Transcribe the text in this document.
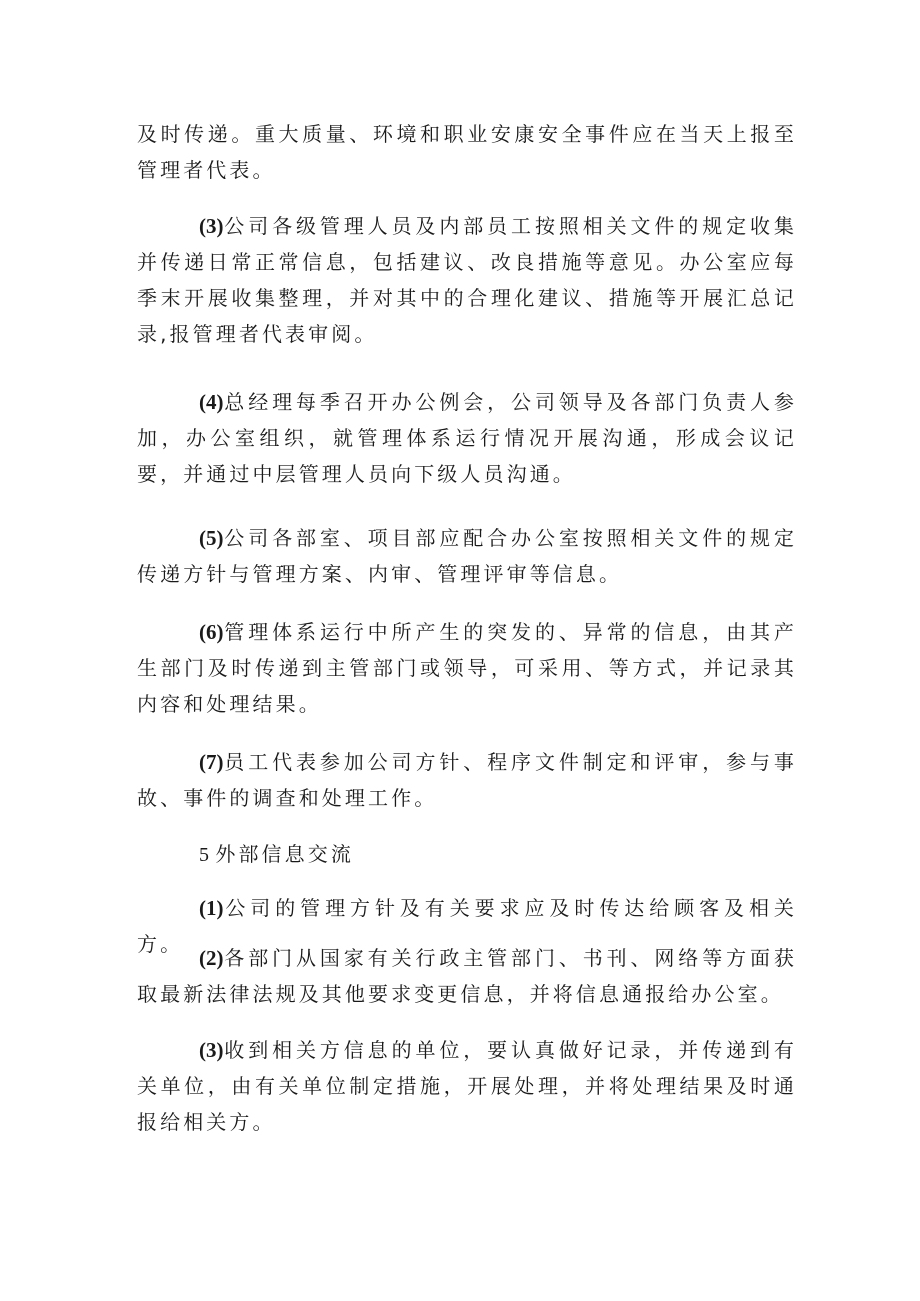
及时传递。重大质量、环境和职业安康安全事件应在当天上报至管理者代表。

(3)公司各级管理人员及内部员工按照相关文件的规定收集并传递日常正常信息，包括建议、改良措施等意见。办公室应每季末开展收集整理，并对其中的合理化建议、措施等开展汇总记录,报管理者代表审阅。

(4)总经理每季召开办公例会，公司领导及各部门负责人参加，办公室组织，就管理体系运行情况开展沟通，形成会议记要，并通过中层管理人员向下级人员沟通。

(5)公司各部室、项目部应配合办公室按照相关文件的规定传递方针与管理方案、内审、管理评审等信息。

(6)管理体系运行中所产生的突发的、异常的信息，由其产生部门及时传递到主管部门或领导，可采用、等方式，并记录其内容和处理结果。

(7)员工代表参加公司方针、程序文件制定和评审，参与事故、事件的调查和处理工作。

5 外部信息交流

(1)公司的管理方针及有关要求应及时传达给顾客及相关方。

(2)各部门从国家有关行政主管部门、书刊、网络等方面获取最新法律法规及其他要求变更信息，并将信息通报给办公室。

(3)收到相关方信息的单位，要认真做好记录，并传递到有关单位，由有关单位制定措施，开展处理，并将处理结果及时通报给相关方。
